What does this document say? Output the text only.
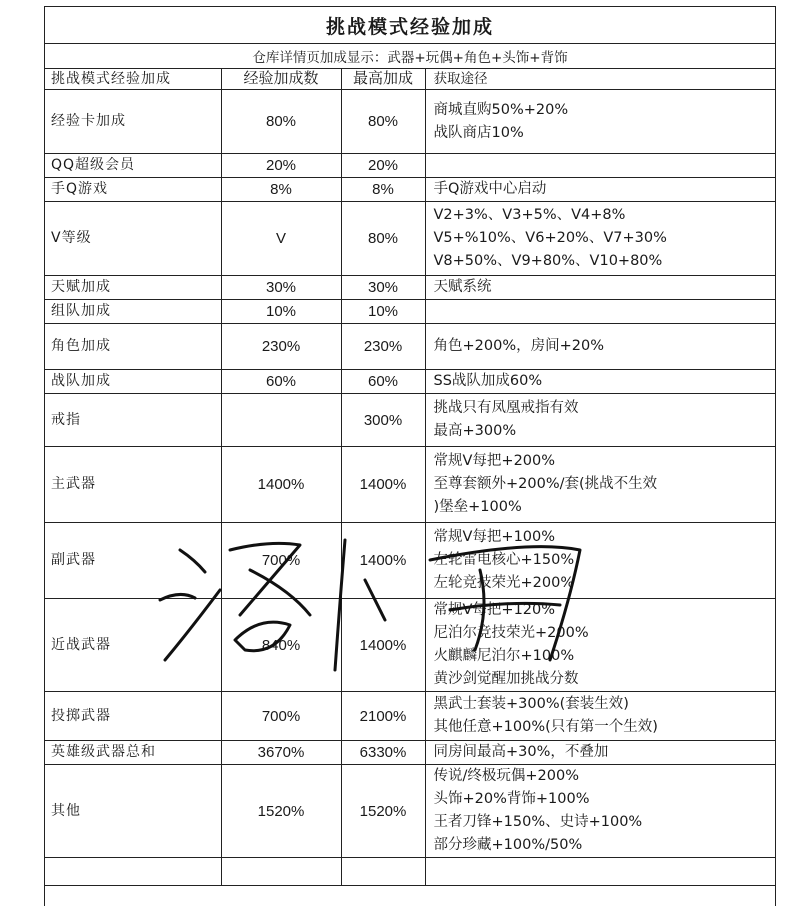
挑战模式经验加成
仓库详情页加成显示：武器+玩偶+角色+头饰+背饰
挑战模式经验加成	经验加成数	最高加成	获取途径
经验卡加成	80%	80%	商城直购50%+20%
战队商店10%

QQ超级会员	20%	20%	
手Q游戏	8%	8%	手Q游戏中心启动

V等级	V	80%	V2+3%、V3+5%、V4+8%
V5+%10%、V6+20%、V7+30%
V8+50%、V9+80%、V10+80%

天赋加成	30%	30%	天赋系统

组队加成	10%	10%	
角色加成	230%	230%	角色+200%，房间+20%

战队加成	60%	60%	SS战队加成60%

戒指		300%	挑战只有凤凰戒指有效
最高+300%

主武器	1400%	1400%	常规V每把+200%
至尊套额外+200%/套(挑战不生效
)堡垒+100%

副武器	700%	1400%	常规V每把+100%
左轮雷电核心+150%
左轮竞技荣光+200%

近战武器	840%	1400%	常规V每把+120%
尼泊尔竞技荣光+200%
火麒麟尼泊尔+100%
黄沙剑觉醒加挑战分数

投掷武器	700%	2100%	黑武士套装+300%(套装生效)
其他任意+100%(只有第一个生效)

英雄级武器总和	3670%	6330%	同房间最高+30%，不叠加

其他	1520%	1520%	传说/终极玩偶+200%
头饰+20%背饰+100%
王者刀锋+150%、史诗+100%
部分珍藏+100%/50%
